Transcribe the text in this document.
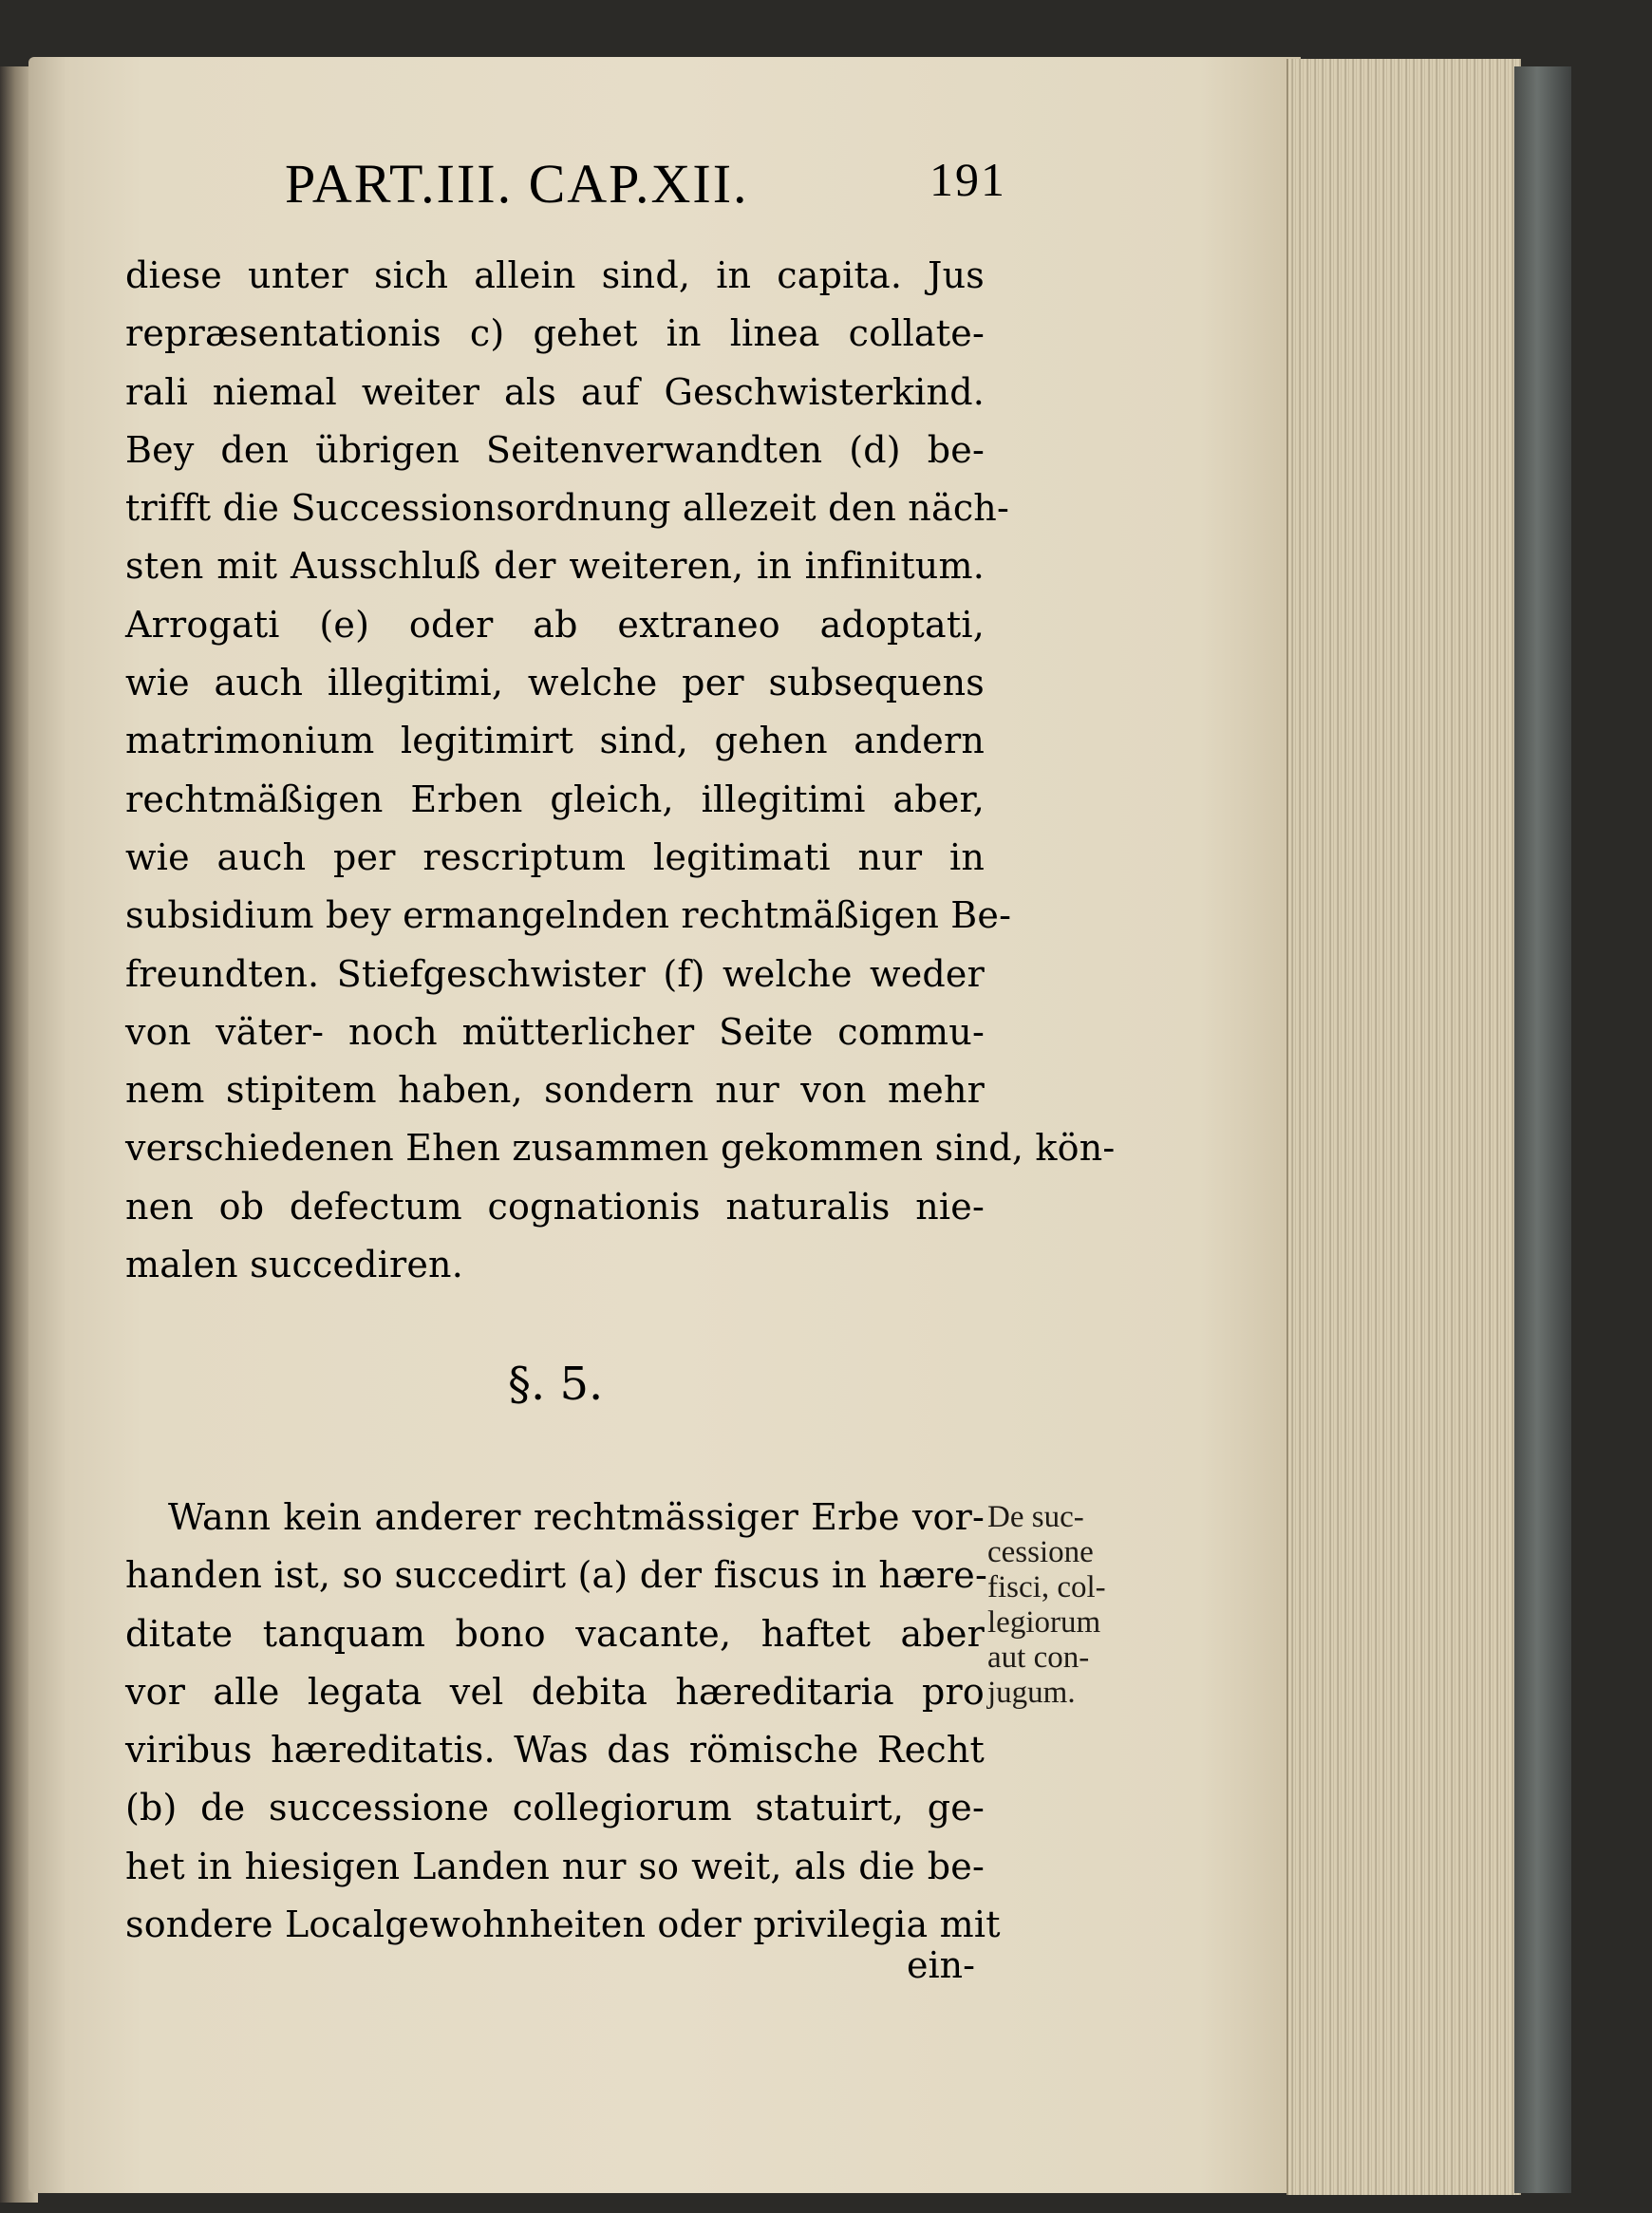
PART.III. CAP.XII.	191
diese unter sich allein sind, in capita. Jus
repræsentationis c) gehet in linea collate-
rali niemal weiter als auf Geschwisterkind.
Bey den übrigen Seitenverwandten (d) be-
trifft die Successionsordnung allezeit den näch-
sten mit Ausschluß der weiteren, in infinitum.
Arrogati (e) oder ab extraneo adoptati,
wie auch illegitimi, welche per subsequens
matrimonium legitimirt sind, gehen andern
rechtmäßigen Erben gleich, illegitimi aber,
wie auch per rescriptum legitimati nur in
subsidium bey ermangelnden rechtmäßigen Be-
freundten. Stiefgeschwister (f) welche weder
von väter- noch mütterlicher Seite commu-
nem stipitem haben, sondern nur von mehr
verschiedenen Ehen zusammen gekommen sind, kön-
nen ob defectum cognationis naturalis nie-
malen succediren.
§. 5.
Wann kein anderer rechtmässiger Erbe vor-
handen ist, so succedirt (a) der fiscus in hære-
ditate tanquam bono vacante, haftet aber
vor alle legata vel debita hæreditaria pro
viribus hæreditatis. Was das römische Recht
(b) de successione collegiorum statuirt, ge-
het in hiesigen Landen nur so weit, als die be-
sondere Localgewohnheiten oder privilegia mit
ein-
De suc-
cessione
fisci, col-
legiorum
aut con-
jugum.
